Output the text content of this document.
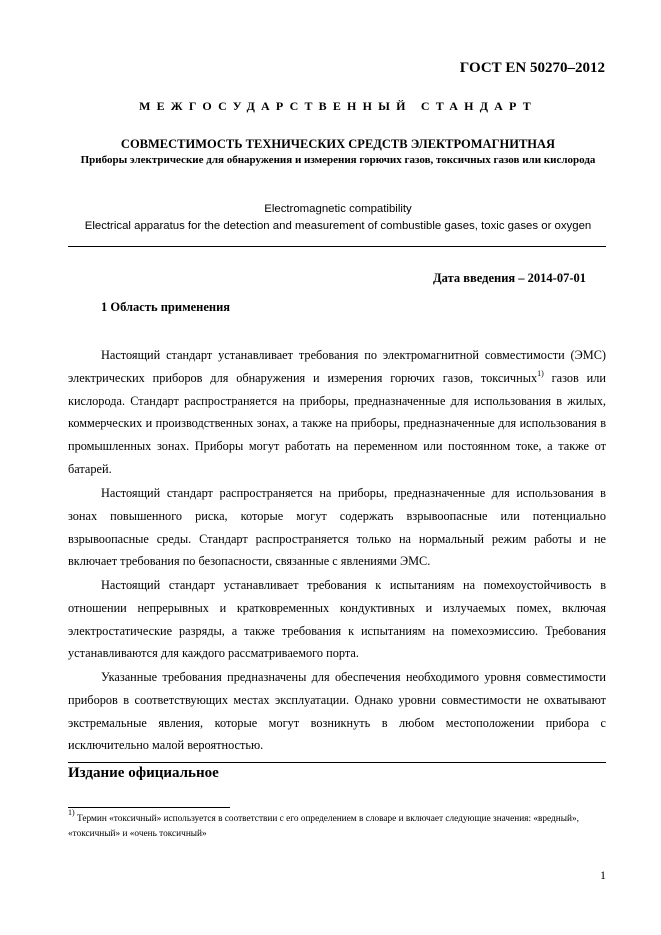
ГОСТ EN 50270–2012
МЕЖГОСУДАРСТВЕННЫЙ СТАНДАРТ
СОВМЕСТИМОСТЬ ТЕХНИЧЕСКИХ СРЕДСТВ ЭЛЕКТРОМАГНИТНАЯ
Приборы электрические для обнаружения и измерения горючих газов, токсичных газов или кислорода
Electromagnetic compatibility
Electrical apparatus for the detection and measurement of combustible gases, toxic gases or oxygen
Дата введения – 2014-07-01
1 Область применения

Настоящий стандарт устанавливает требования по электромагнитной совместимости (ЭМС) электрических приборов для обнаружения и измерения горючих газов, токсичных$^{1)}$ газов или кислорода. Стандарт распространяется на приборы, предназначенные для использования в жилых, коммерческих и производственных зонах, а также на приборы, предназначенные для использования в промышленных зонах. Приборы могут работать на переменном или постоянном токе, а также от батарей.

Настоящий стандарт распространяется на приборы, предназначенные для использования в зонах повышенного риска, которые могут содержать взрывоопасные или потенциально взрывоопасные среды. Стандарт распространяется только на нормальный режим работы и не включает требования по безопасности, связанные с явлениями ЭМС.

Настоящий стандарт устанавливает требования к испытаниям на помехоустойчивость в отношении непрерывных и кратковременных кондуктивных и излучаемых помех, включая электростатические разряды, а также требования к испытаниям на помехоэмиссию. Требования устанавливаются для каждого рассматриваемого порта.

Указанные требования предназначены для обеспечения необходимого уровня совместимости приборов в соответствующих местах эксплуатации. Однако уровни совместимости не охватывают экстремальные явления, которые могут возникнуть в любом местоположении прибора с исключительно малой вероятностью.

Издание официальное
$^{1)}$ Термин «токсичный» используется в соответствии с его определением в словаре и включает следующие значения: «вредный», «токсичный» и «очень токсичный»
1
